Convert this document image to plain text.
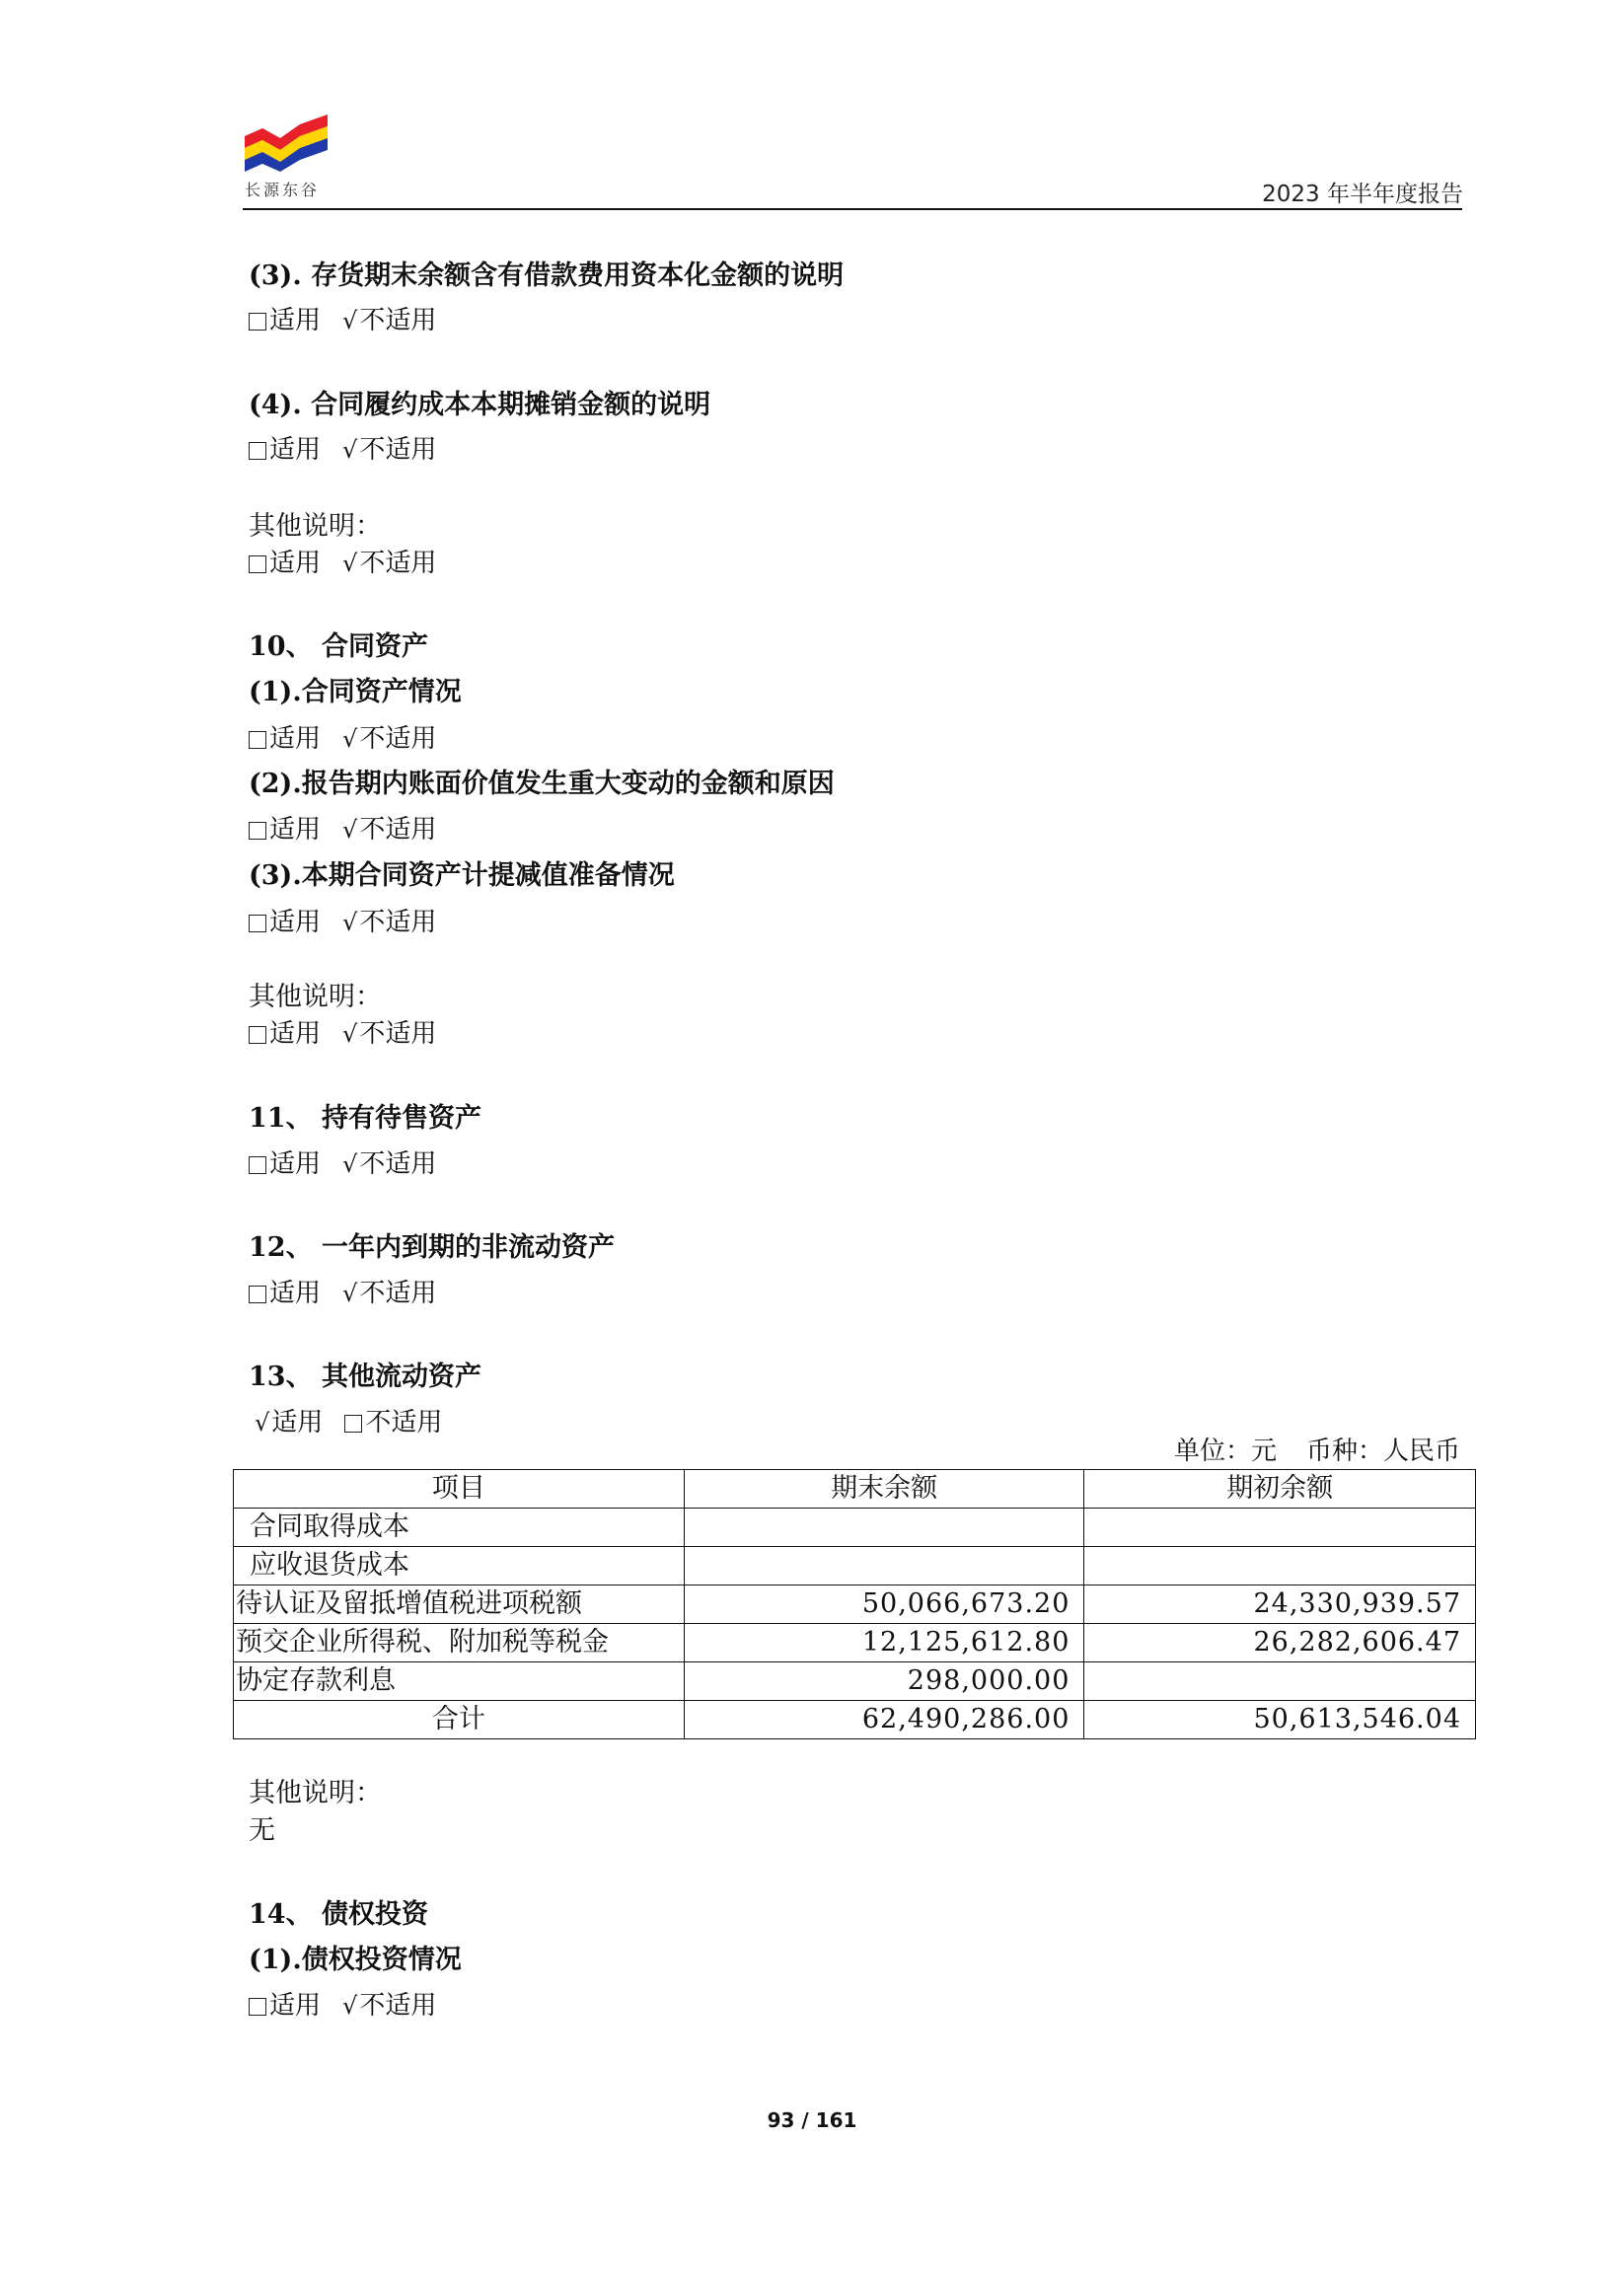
长源东谷	2023 年半年度报告
(3). 存货期末余额含有借款费用资本化金额的说明
适用 √不适用
(4). 合同履约成本本期摊销金额的说明
适用 √不适用
其他说明：
适用 √不适用
10、 合同资产
(1).合同资产情况
适用 √不适用
(2).报告期内账面价值发生重大变动的金额和原因
适用 √不适用
(3).本期合同资产计提减值准备情况
适用 √不适用
其他说明：
适用 √不适用
11、 持有待售资产
适用 √不适用
12、 一年内到期的非流动资产
适用 √不适用
13、 其他流动资产
√适用 不适用
单位：元 币种：人民币
项目	期末余额	期初余额
合同取得成本		
应收退货成本		
待认证及留抵增值税进项税额	50,066,673.20	24,330,939.57
预交企业所得税、附加税等税金	12,125,612.80	26,282,606.47
协定存款利息	298,000.00	
合计	62,490,286.00	50,613,546.04
其他说明：
无
14、 债权投资
(1).债权投资情况
适用 √不适用
93 / 161
